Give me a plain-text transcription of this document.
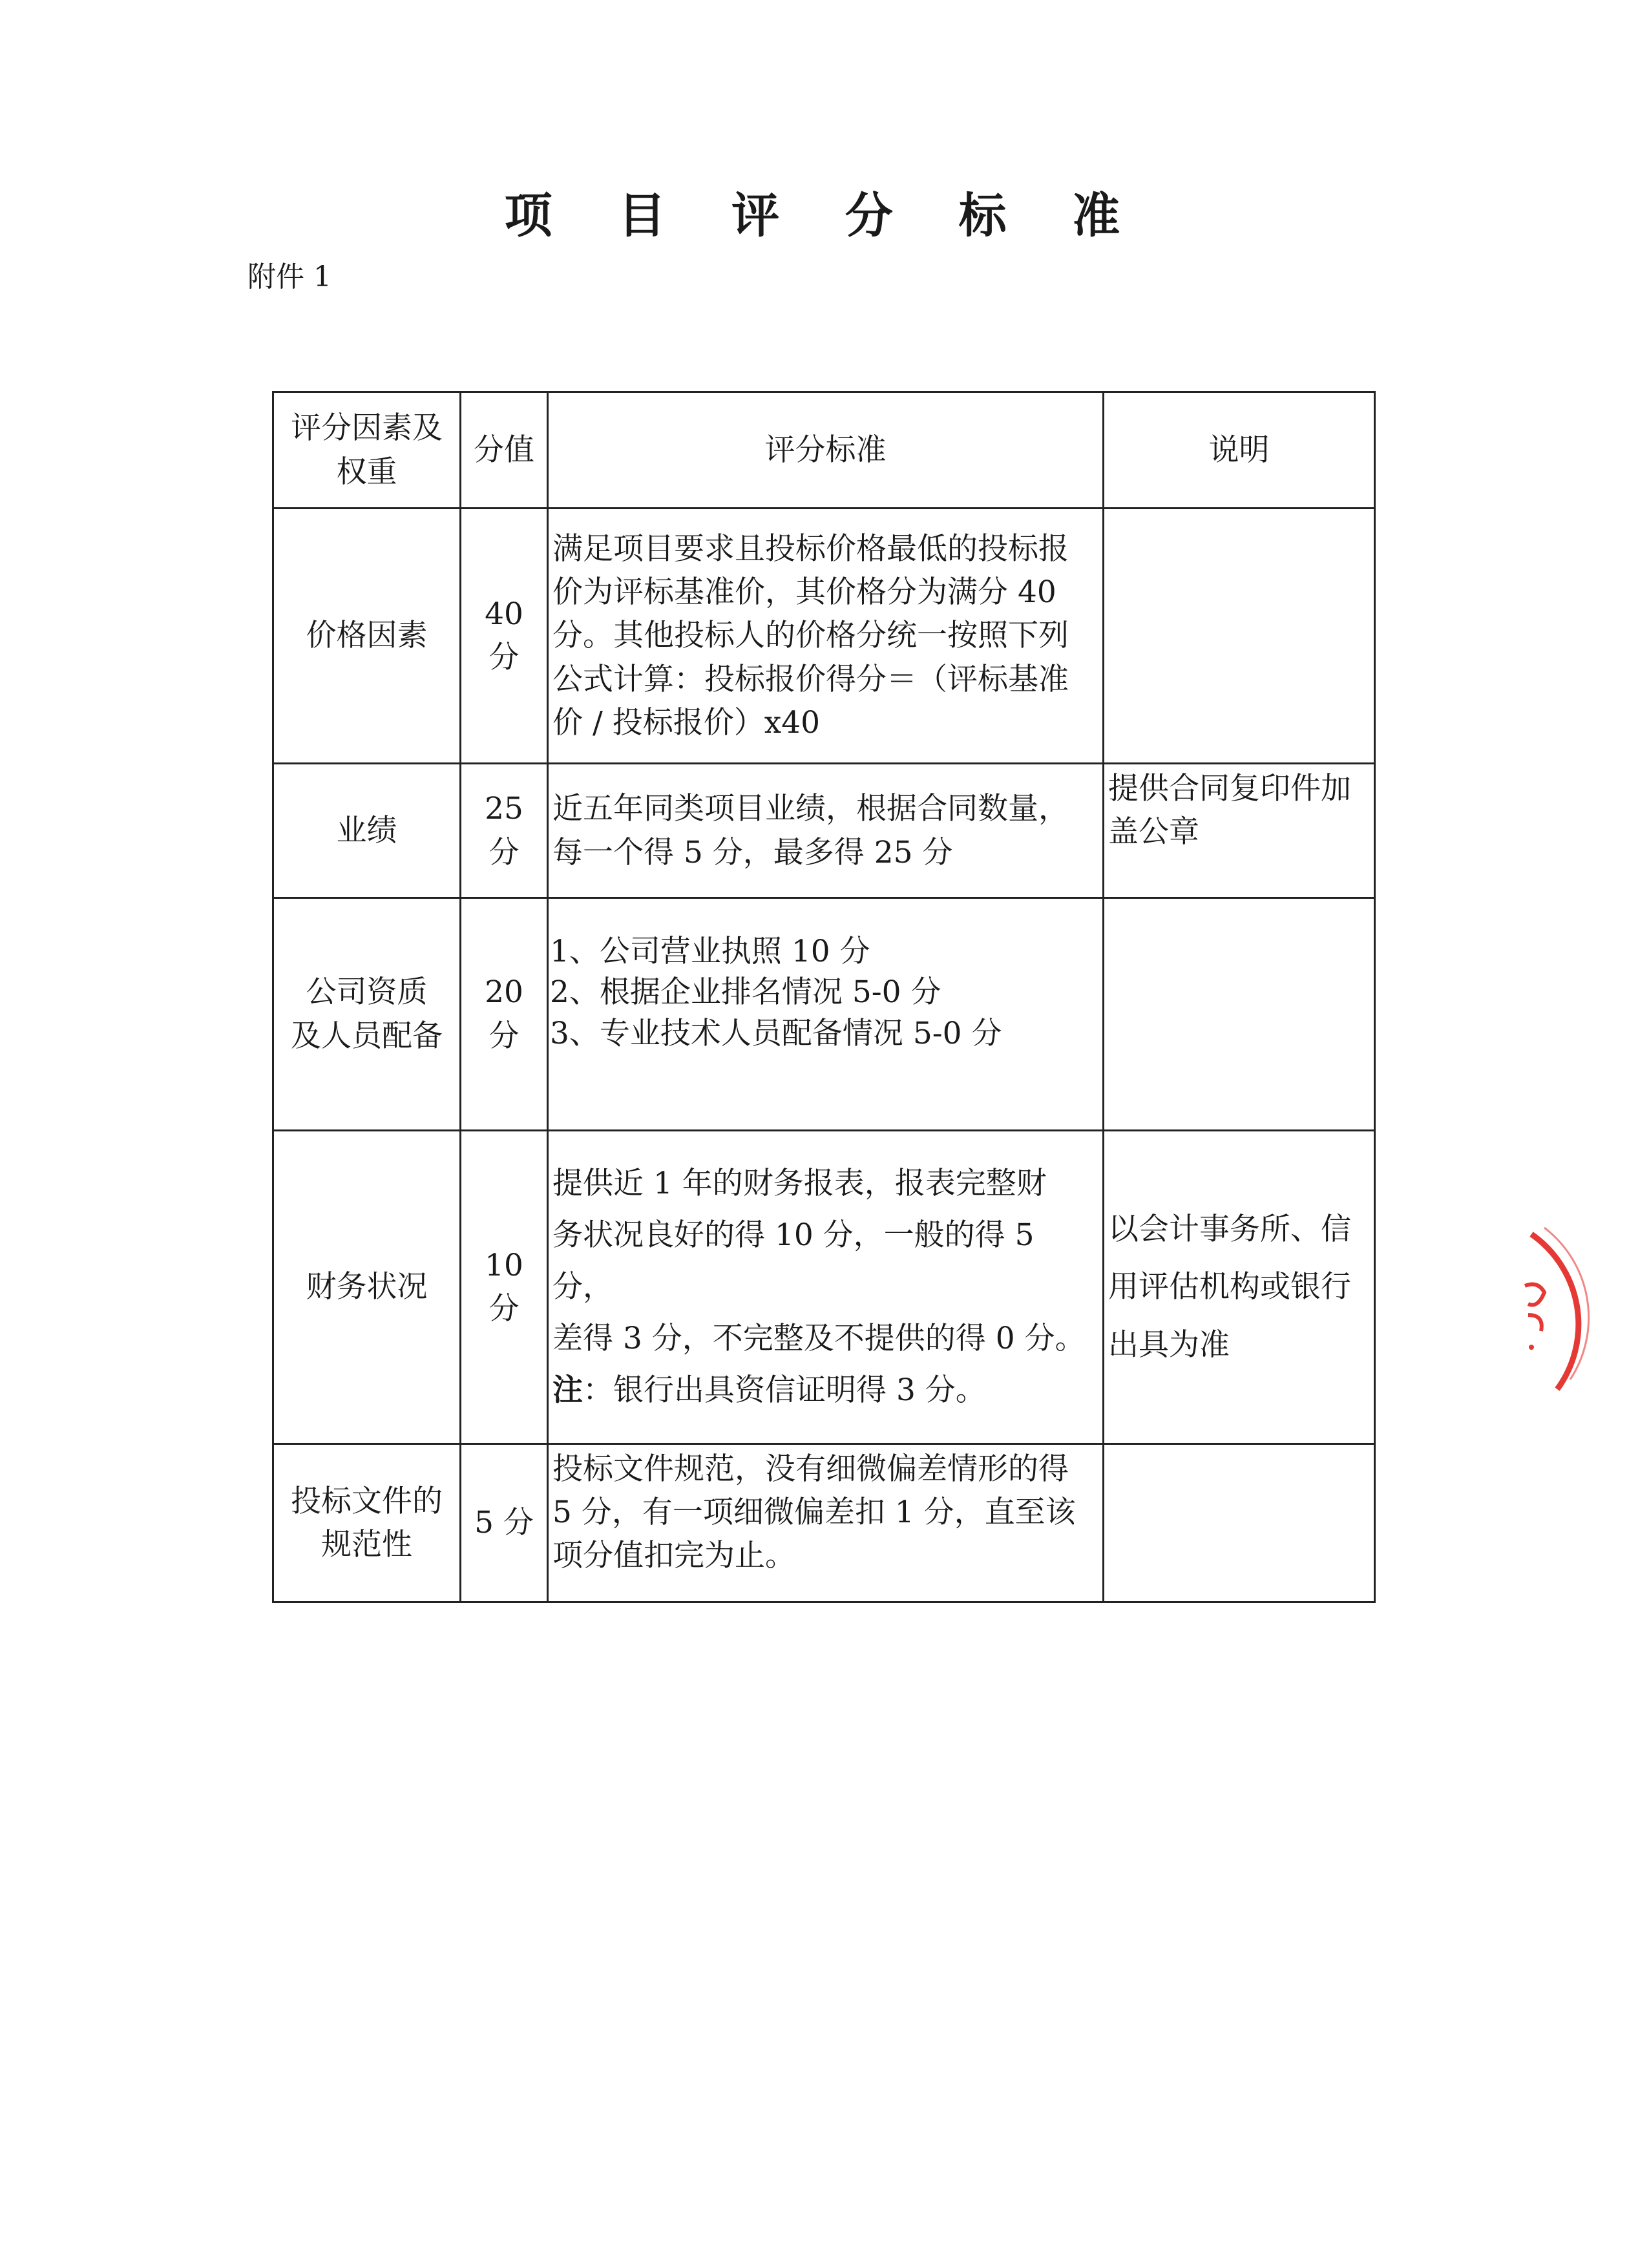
项 目 评 分 标 准
附件 1
评分因素及
权重	分值	评分标准	说明

价格因素	40 分	满足项目要求且投标价格最低的投标报
价为评标基准价，其价格分为满分 40
分。其他投标人的价格分统一按照下列
公式计算：投标报价得分＝（评标基准
价 / 投标报价）x40	

业绩	25 分	近五年同类项目业绩，根据合同数量，
每一个得 5 分，最多得 25 分	提供合同复印件加
盖公章

公司资质
及人员配备	20 分	1、公司营业执照 10 分
2、根据企业排名情况 5-0 分
3、专业技术人员配备情况 5-0 分	

财务状况	10 分	提供近 1 年的财务报表，报表完整财
务状况良好的得 10 分，一般的得 5 分，
差得 3 分，不完整及不提供的得 0 分。
注：银行出具资信证明得 3 分。	以会计事务所、信
用评估机构或银行
出具为准

投标文件的
规范性	5 分	投标文件规范，没有细微偏差情形的得
5 分，有一项细微偏差扣 1 分，直至该
项分值扣完为止。	
